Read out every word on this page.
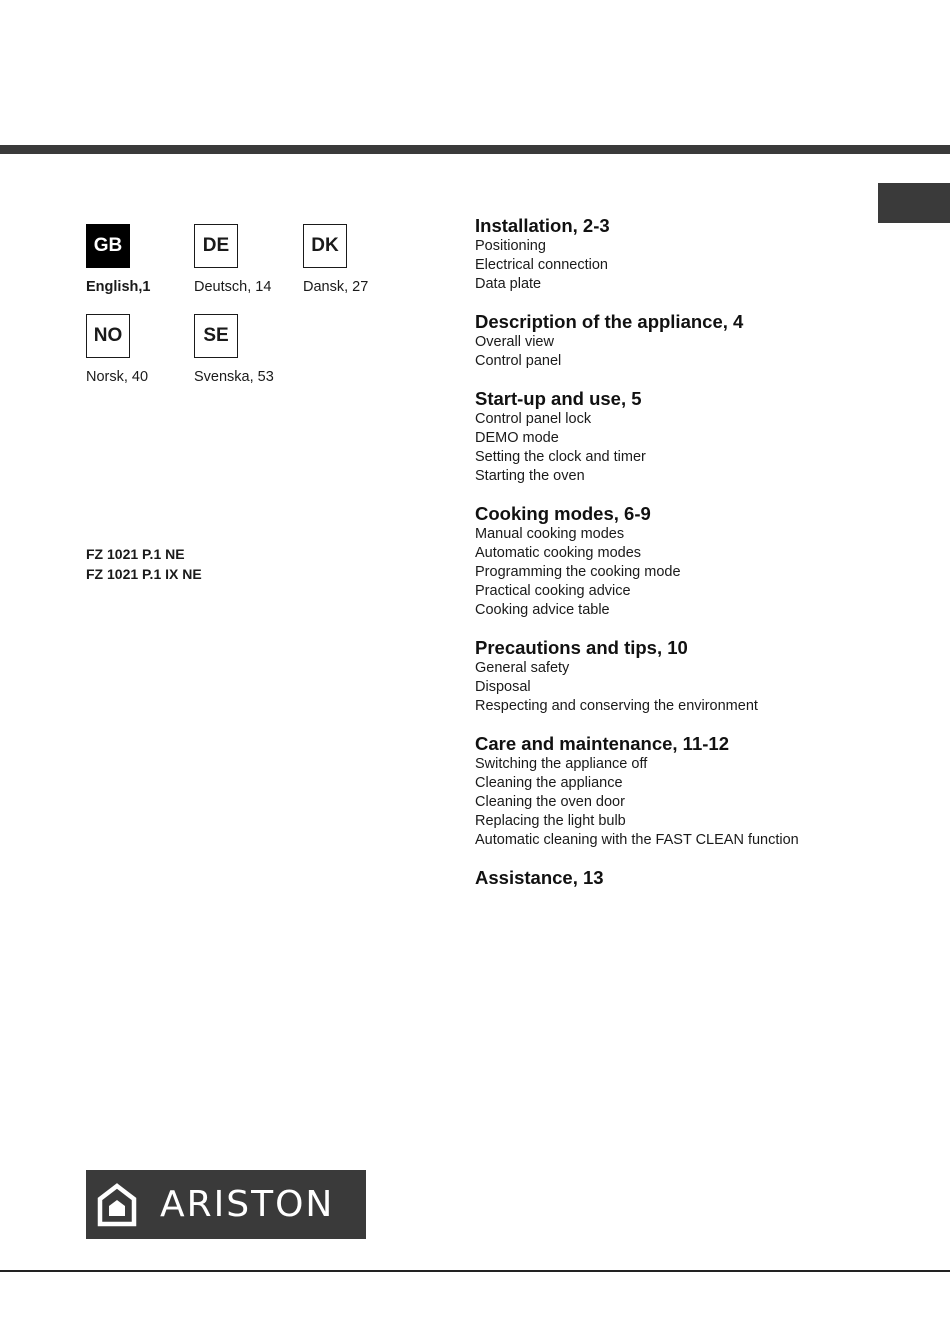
GB
English,1
DE
Deutsch, 14
DK
Dansk, 27
NO
Norsk, 40
SE
Svenska, 53
FZ 1021 P.1 NE
FZ 1021 P.1 IX NE
Installation, 2-3
Positioning
Electrical connection
Data plate
Description of the appliance, 4
Overall view
Control panel
Start-up and use, 5
Control panel lock
DEMO mode
Setting the clock and timer
Starting the oven
Cooking modes, 6-9
Manual cooking modes
Automatic cooking modes
Programming the cooking mode
Practical cooking advice
Cooking advice table
Precautions and tips, 10
General safety
Disposal
Respecting and conserving the environment
Care and maintenance, 11-12
Switching the appliance off
Cleaning the appliance
Cleaning the oven door
Replacing the light bulb
Automatic cleaning with the FAST CLEAN function
Assistance, 13
ARISTON
